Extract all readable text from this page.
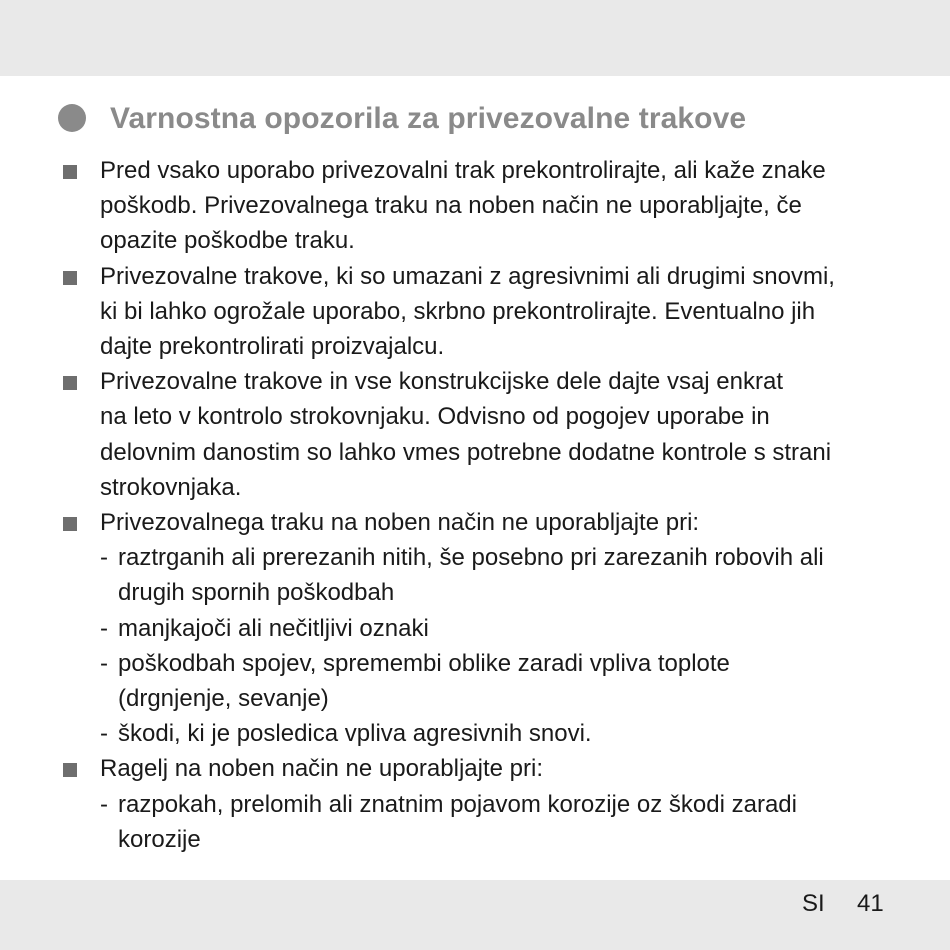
Varnostna opozorila za privezovalne trakove
Pred vsako uporabo privezovalni trak prekontrolirajte, ali kaže znake
poškodb. Privezovalnega traku na noben način ne uporabljajte, če
opazite poškodbe traku.
Privezovalne trakove, ki so umazani z agresivnimi ali drugimi snovmi,
ki bi lahko ogrožale uporabo, skrbno prekontrolirajte. Eventualno jih
dajte prekontrolirati proizvajalcu.
Privezovalne trakove in vse konstrukcijske dele dajte vsaj enkrat
na leto v kontrolo strokovnjaku. Odvisno od pogojev uporabe in
delovnim danostim so lahko vmes potrebne dodatne kontrole s strani
strokovnjaka.
Privezovalnega traku na noben način ne uporabljajte pri:
- raztrganih ali prerezanih nitih, še posebno pri zarezanih robovih ali
drugih spornih poškodbah
- manjkajoči ali nečitljivi oznaki
- poškodbah spojev, spremembi oblike zaradi vpliva toplote
(drgnjenje, sevanje)
- škodi, ki je posledica vpliva agresivnih snovi.
Ragelj na noben način ne uporabljajte pri:
- razpokah, prelomih ali znatnim pojavom korozije oz škodi zaradi
korozije
SI 41
